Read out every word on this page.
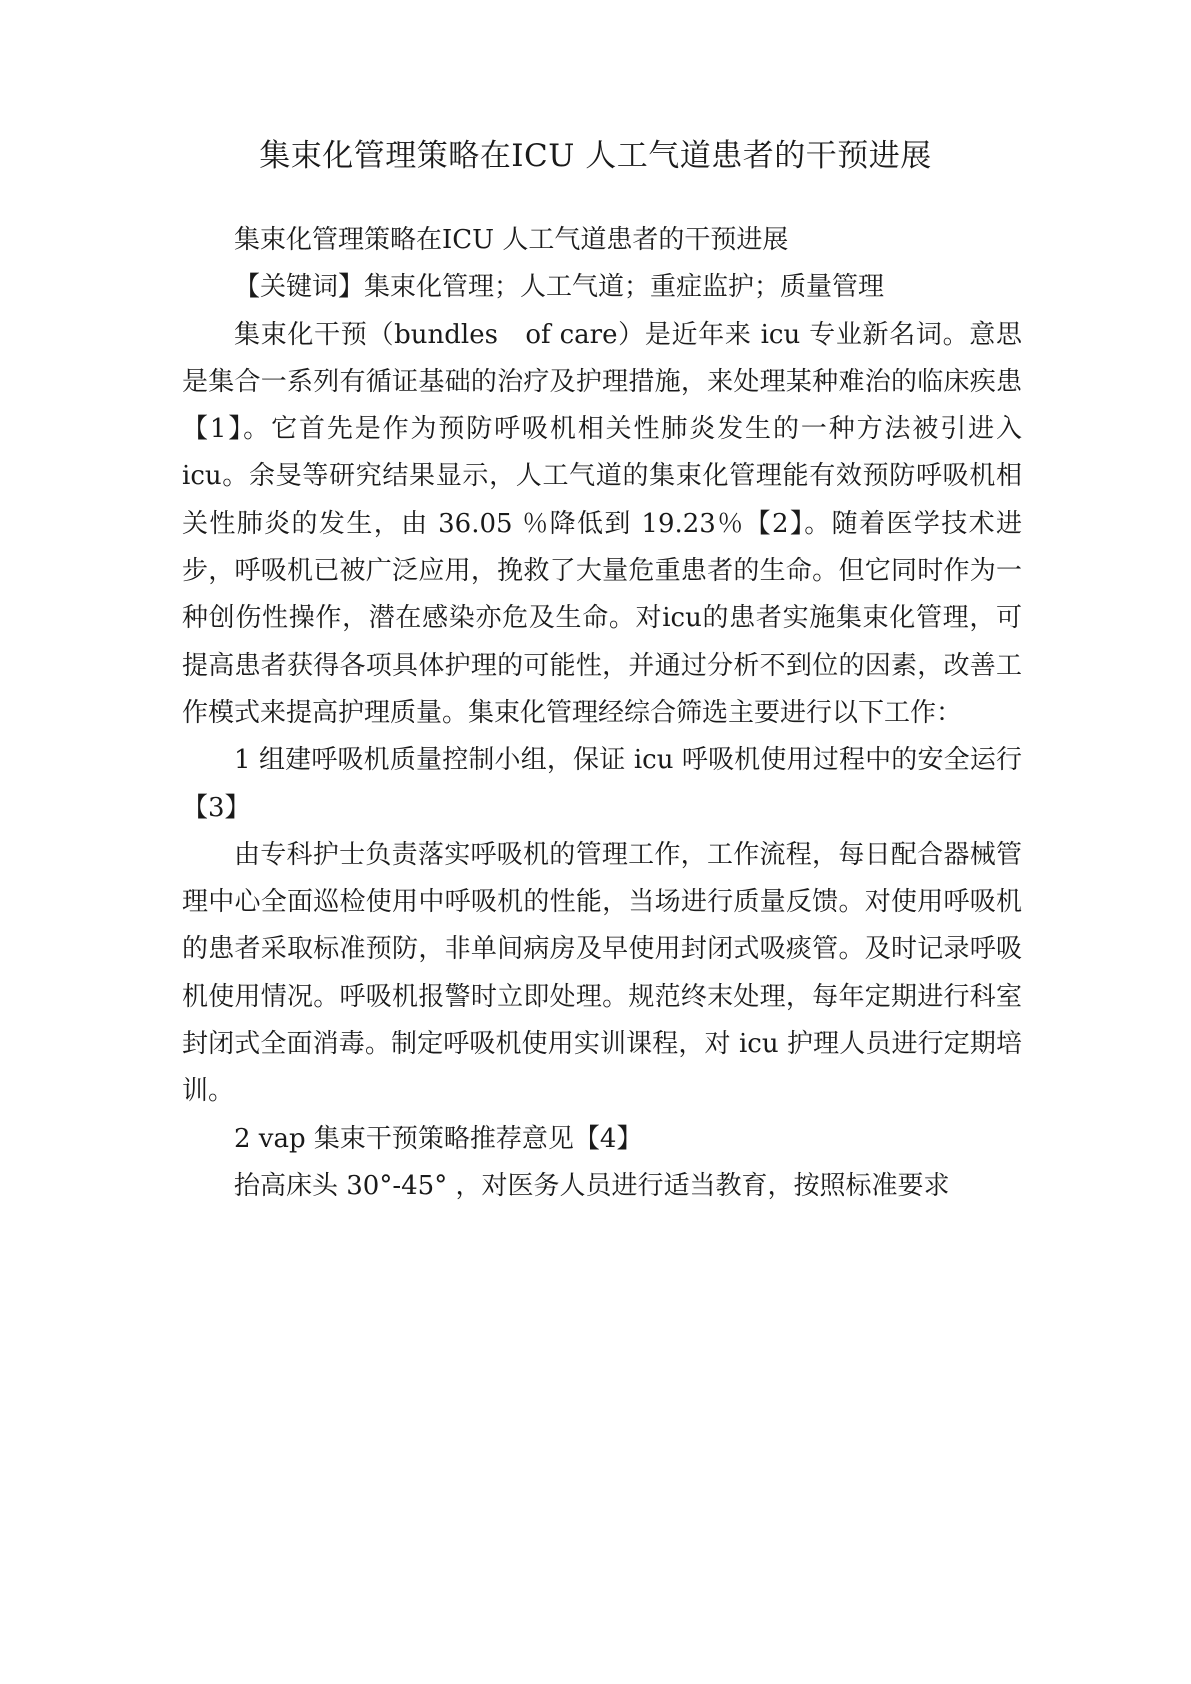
集束化管理策略在ICU 人工气道患者的干预进展

集束化管理策略在ICU 人工气道患者的干预进展

【关键词】集束化管理；人工气道；重症监护；质量管理

集束化干预（bundles　of care）是近年来 icu 专业新名词。意思是集合一系列有循证基础的治疗及护理措施，来处理某种难治的临床疾患【1】。它首先是作为预防呼吸机相关性肺炎发生的一种方法被引进入 icu。余旻等研究结果显示，人工气道的集束化管理能有效预防呼吸机相关性肺炎的发生，由 36.05 ％降低到 19.23％【2】。随着医学技术进步，呼吸机已被广泛应用，挽救了大量危重患者的生命。但它同时作为一种创伤性操作，潜在感染亦危及生命。对icu的患者实施集束化管理，可提高患者获得各项具体护理的可能性，并通过分析不到位的因素，改善工作模式来提高护理质量。集束化管理经综合筛选主要进行以下工作：

1 组建呼吸机质量控制小组，保证 icu 呼吸机使用过程中的安全运行【3】

由专科护士负责落实呼吸机的管理工作，工作流程，每日配合器械管理中心全面巡检使用中呼吸机的性能，当场进行质量反馈。对使用呼吸机的患者采取标准预防，非单间病房及早使用封闭式吸痰管。及时记录呼吸机使用情况。呼吸机报警时立即处理。规范终末处理，每年定期进行科室封闭式全面消毒。制定呼吸机使用实训课程，对 icu 护理人员进行定期培训。

2 vap 集束干预策略推荐意见【4】

抬高床头 30°-45° ，对医务人员进行适当教育，按照标准要求
